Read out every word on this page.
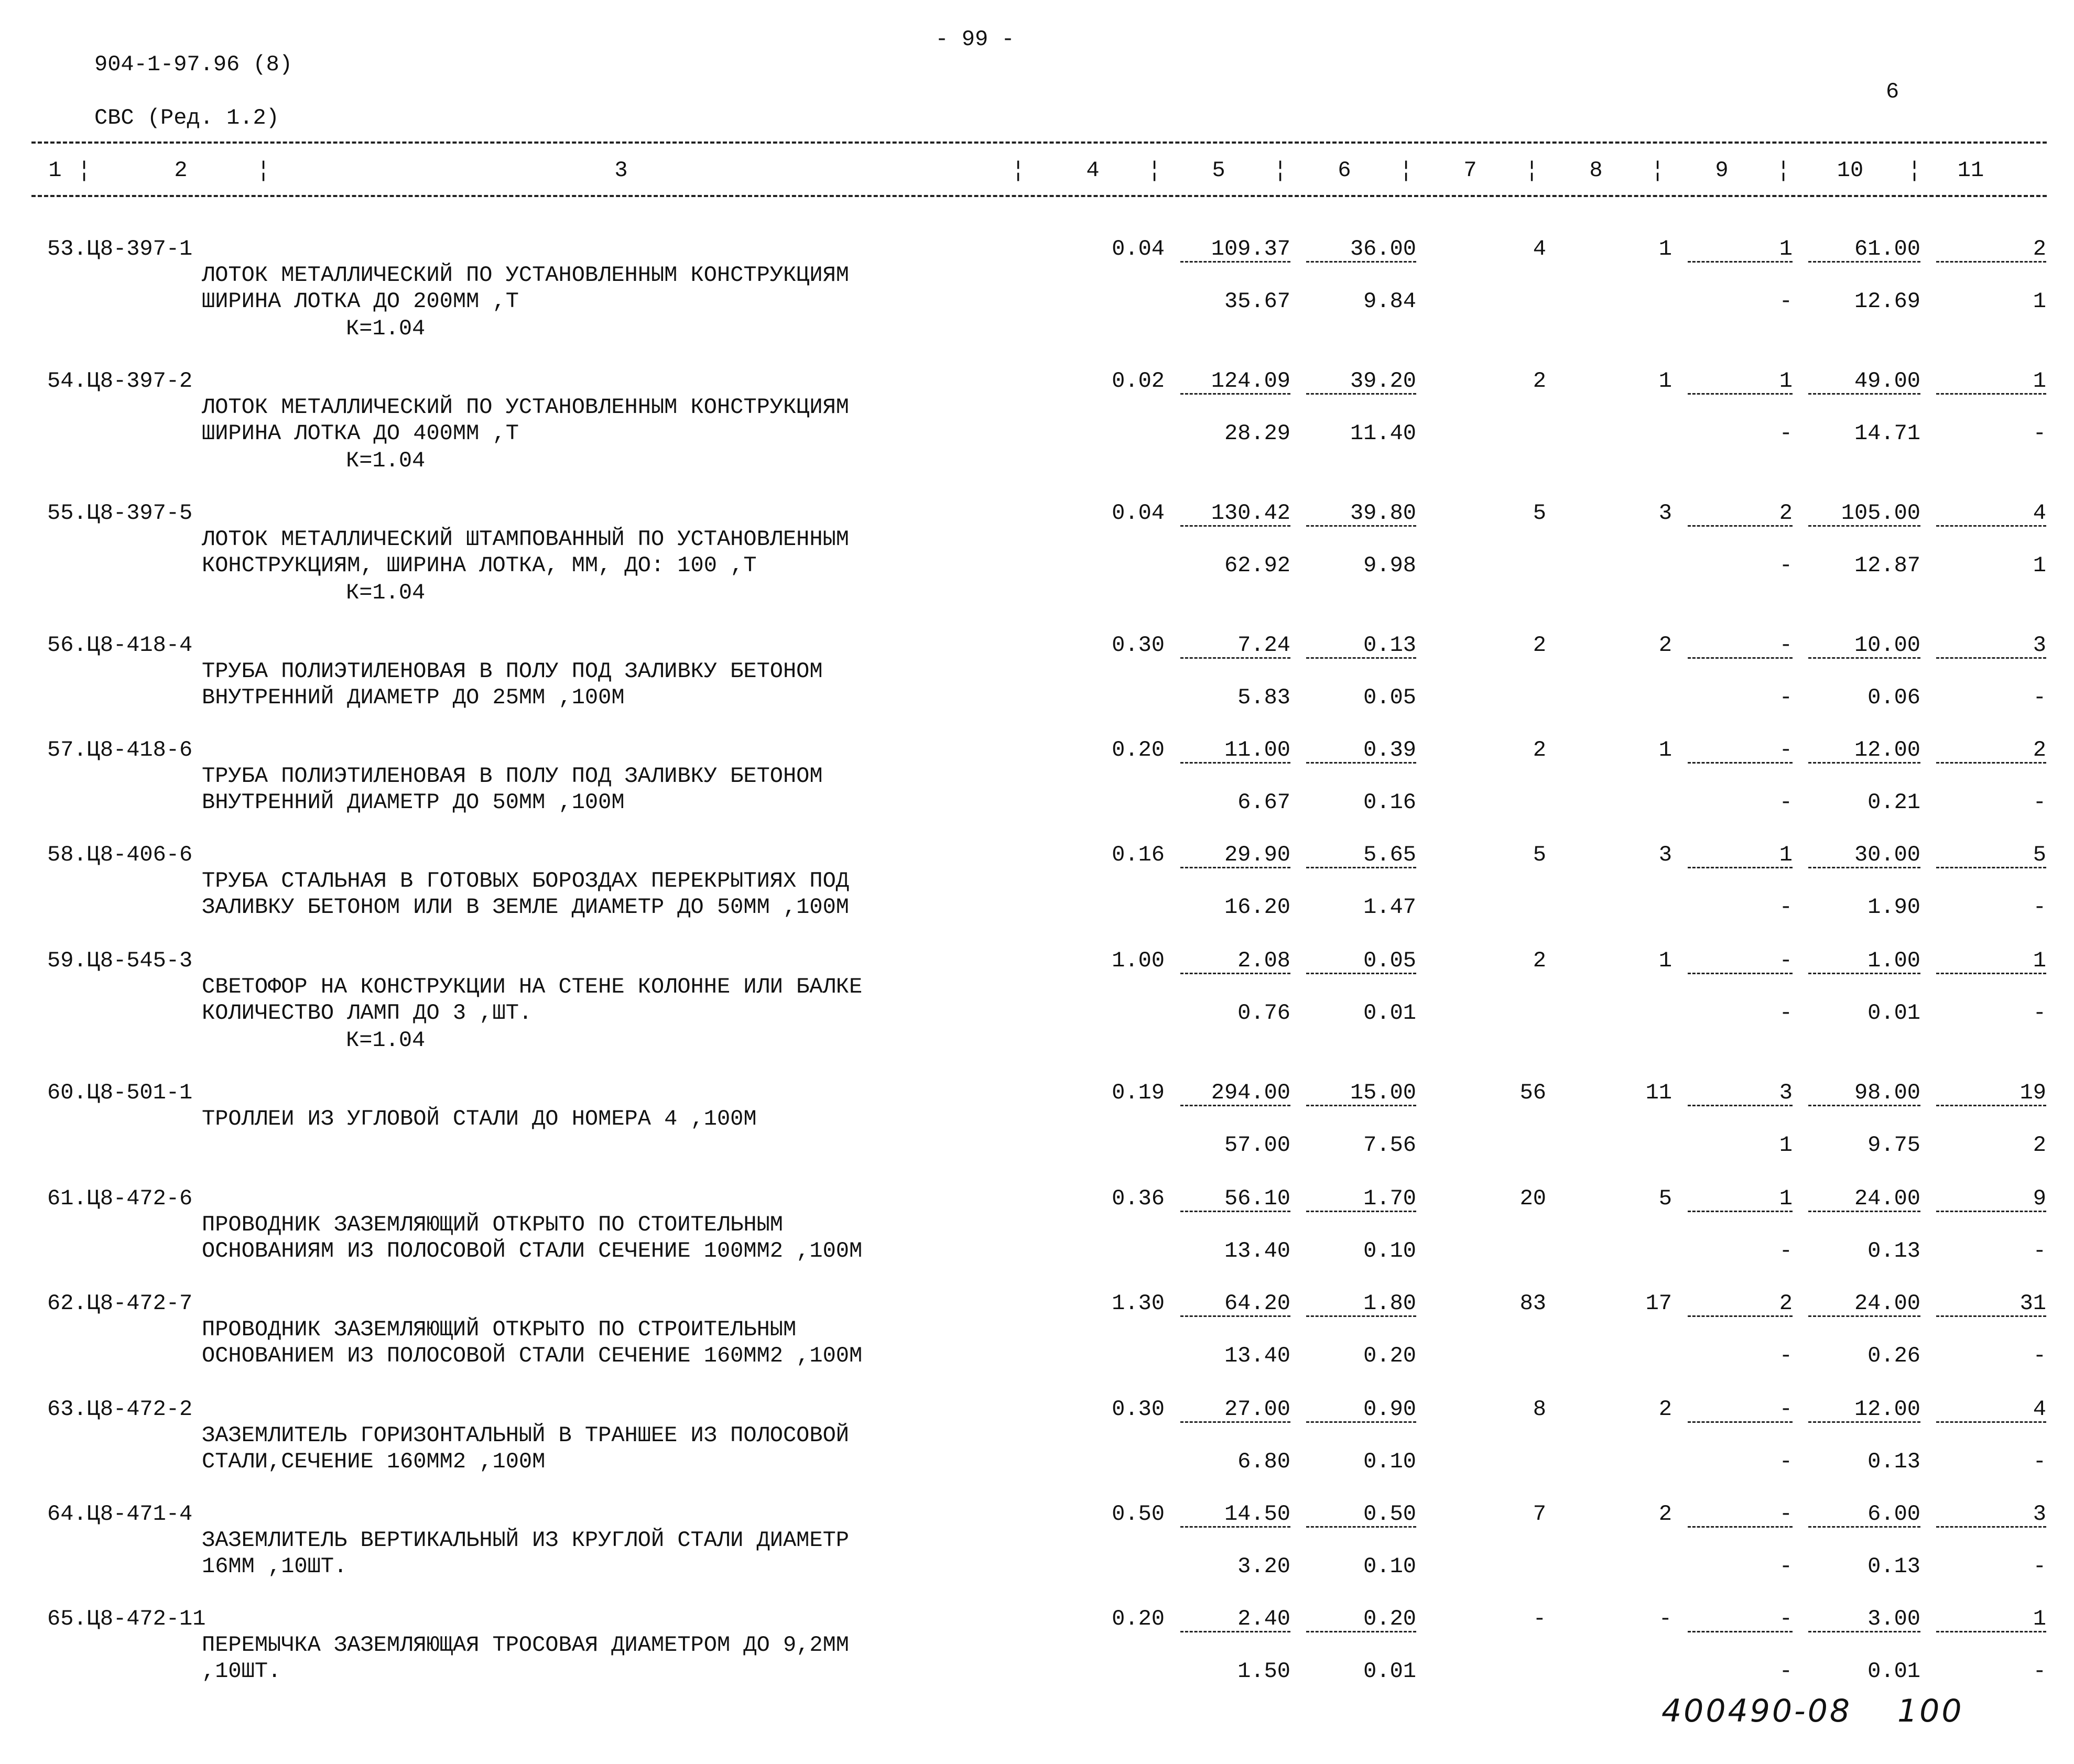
- 99 -
904-1-97.96 (8)
6
СВС (Ред. 1.2)
1 ¦	2	¦	3	¦	4 ¦ 5 ¦ 6 ¦ 7 ¦ 8 ¦ 9 ¦	10	¦	11
53.Ц8-397-1
ЛОТОК МЕТАЛЛИЧЕСКИЙ ПО УСТАНОВЛЕННЫМ КОНСТРУКЦИЯМ
ШИРИНА ЛОТКА ДО 200ММ ,Т
0.04	109.37	36.00	4	1	1	61.00	2
35.67	9.84	-	12.69	1
К=1.04
54.Ц8-397-2
ЛОТОК МЕТАЛЛИЧЕСКИЙ ПО УСТАНОВЛЕННЫМ КОНСТРУКЦИЯМ
ШИРИНА ЛОТКА ДО 400ММ ,Т
0.02	124.09	39.20	2	1	1	49.00	1
28.29	11.40	-	14.71	-
К=1.04
55.Ц8-397-5
ЛОТОК МЕТАЛЛИЧЕСКИЙ ШТАМПОВАННЫЙ ПО УСТАНОВЛЕННЫМ
КОНСТРУКЦИЯМ, ШИРИНА ЛОТКА, ММ, ДО: 100 ,Т
0.04	130.42	39.80	5	3	2	105.00	4
62.92	9.98	-	12.87	1
К=1.04
56.Ц8-418-4
ТРУБА ПОЛИЭТИЛЕНОВАЯ В ПОЛУ ПОД ЗАЛИВКУ БЕТОНОМ
ВНУТРЕННИЙ ДИАМЕТР ДО 25ММ ,100М
0.30	7.24	0.13	2	2	-	10.00	3
5.83	0.05	-	0.06	-
57.Ц8-418-6
ТРУБА ПОЛИЭТИЛЕНОВАЯ В ПОЛУ ПОД ЗАЛИВКУ БЕТОНОМ
ВНУТРЕННИЙ ДИАМЕТР ДО 50ММ ,100М
0.20	11.00	0.39	2	1	-	12.00	2
6.67	0.16	-	0.21	-
58.Ц8-406-6
ТРУБА СТАЛЬНАЯ В ГОТОВЫХ БОРОЗДАХ ПЕРЕКРЫТИЯХ ПОД
ЗАЛИВКУ БЕТОНОМ ИЛИ В ЗЕМЛЕ ДИАМЕТР ДО 50ММ ,100М
0.16	29.90	5.65	5	3	1	30.00	5
16.20	1.47	-	1.90	-
59.Ц8-545-3
СВЕТОФОР НА КОНСТРУКЦИИ НА СТЕНЕ КОЛОННЕ ИЛИ БАЛКЕ
КОЛИЧЕСТВО ЛАМП ДО 3 ,ШТ.
1.00	2.08	0.05	2	1	-	1.00	1
0.76	0.01	-	0.01	-
К=1.04
60.Ц8-501-1
ТРОЛЛЕИ ИЗ УГЛОВОЙ СТАЛИ ДО НОМЕРА 4 ,100М
0.19	294.00	15.00	56	11	3	98.00	19
57.00	7.56	1	9.75	2
61.Ц8-472-6
ПРОВОДНИК ЗАЗЕМЛЯЮЩИЙ ОТКРЫТО ПО СТОИТЕЛЬНЫМ
ОСНОВАНИЯМ ИЗ ПОЛОСОВОЙ СТАЛИ СЕЧЕНИЕ 100ММ2 ,100М
0.36	56.10	1.70	20	5	1	24.00	9
13.40	0.10	-	0.13	-
62.Ц8-472-7
ПРОВОДНИК ЗАЗЕМЛЯЮЩИЙ ОТКРЫТО ПО СТРОИТЕЛЬНЫМ
ОСНОВАНИЕМ ИЗ ПОЛОСОВОЙ СТАЛИ СЕЧЕНИЕ 160ММ2 ,100М
1.30	64.20	1.80	83	17	2	24.00	31
13.40	0.20	-	0.26	-
63.Ц8-472-2
ЗАЗЕМЛИТЕЛЬ ГОРИЗОНТАЛЬНЫЙ В ТРАНШЕЕ ИЗ ПОЛОСОВОЙ
СТАЛИ,СЕЧЕНИЕ 160ММ2 ,100М
0.30	27.00	0.90	8	2	-	12.00	4
6.80	0.10	-	0.13	-
64.Ц8-471-4
ЗАЗЕМЛИТЕЛЬ ВЕРТИКАЛЬНЫЙ ИЗ КРУГЛОЙ СТАЛИ ДИАМЕТР
16ММ ,10ШТ.
0.50	14.50	0.50	7	2	-	6.00	3
3.20	0.10	-	0.13	-
65.Ц8-472-11
ПЕРЕМЫЧКА ЗАЗЕМЛЯЮЩАЯ ТРОСОВАЯ ДИАМЕТРОМ ДО 9,2ММ
,10ШТ.
0.20	2.40	0.20	-	-	-	3.00	1
1.50	0.01	-	0.01	-
400490-08 100
